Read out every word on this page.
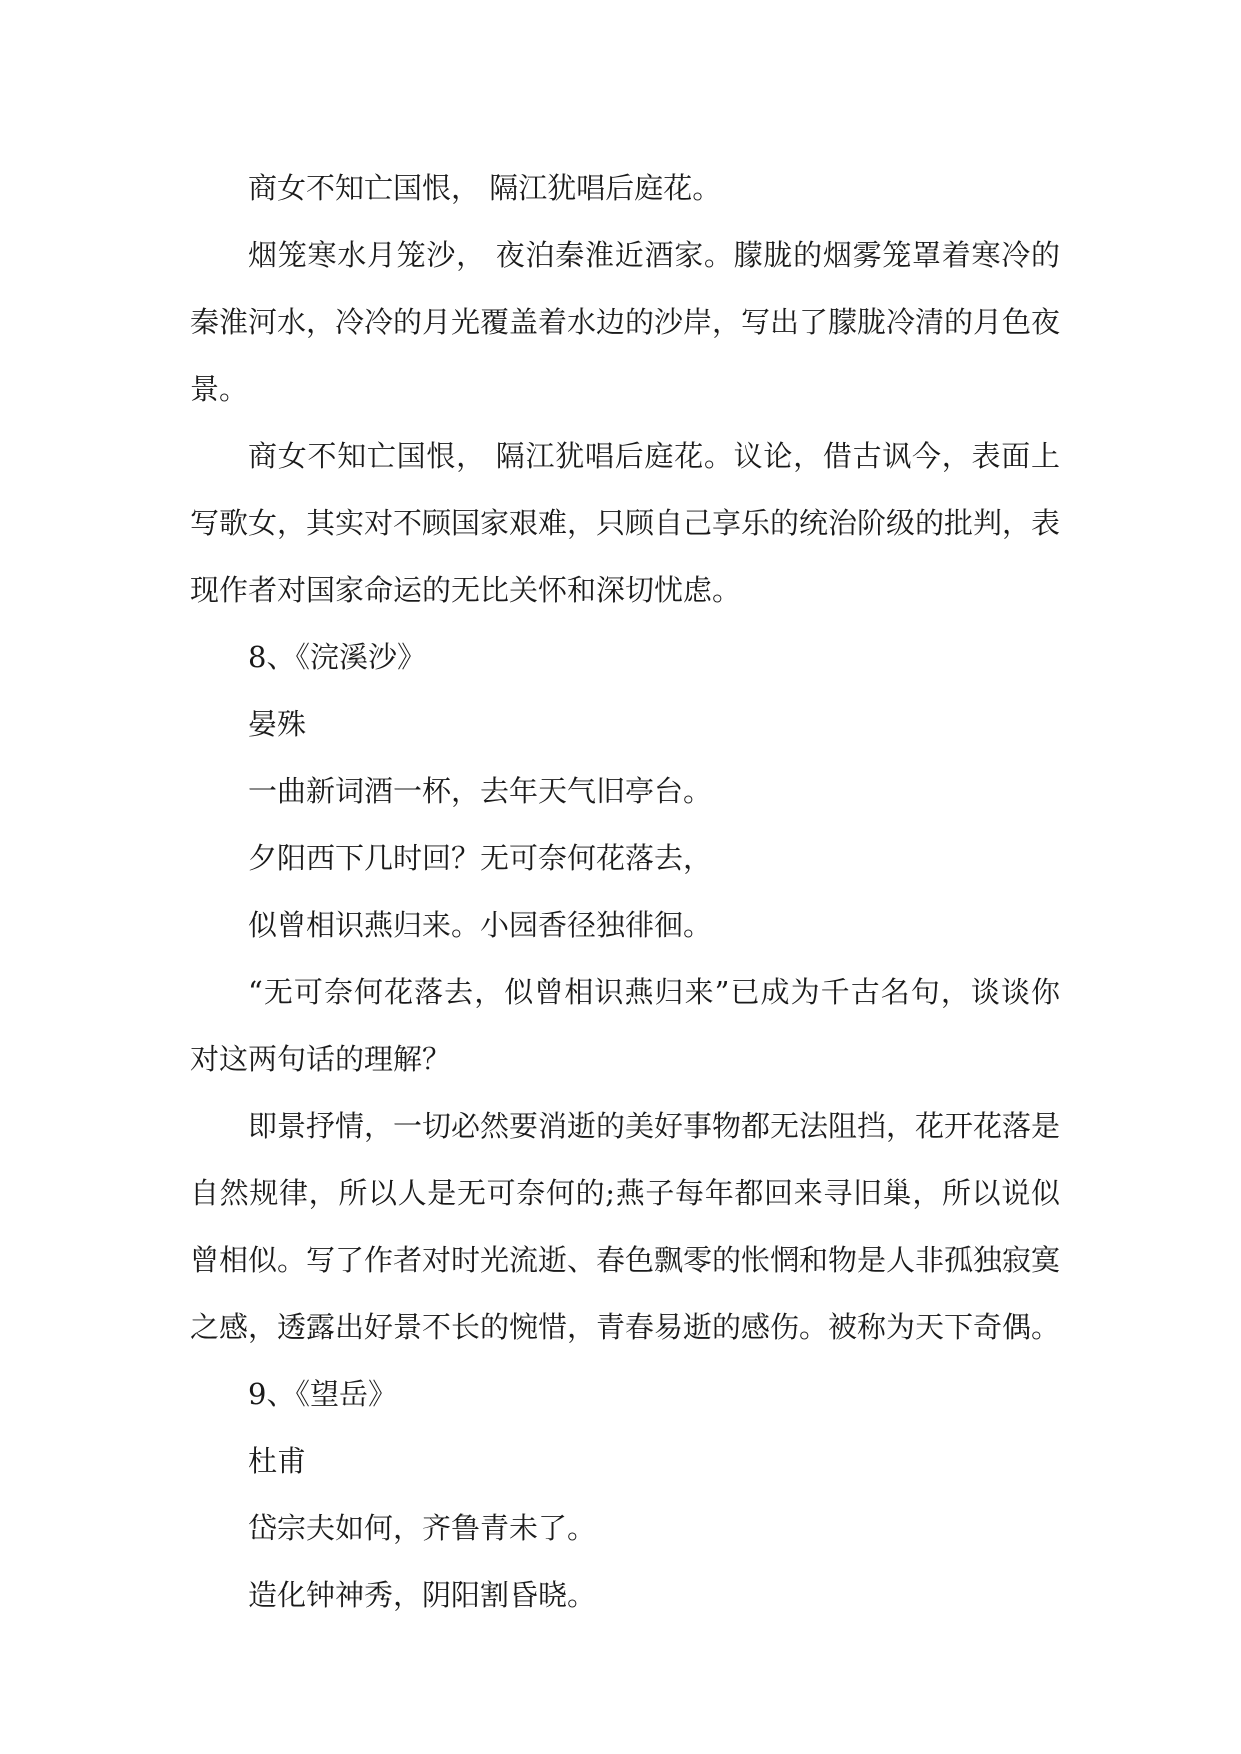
商女不知亡国恨， 隔江犹唱后庭花。

烟笼寒水月笼沙， 夜泊秦淮近酒家。朦胧的烟雾笼罩着寒冷的秦淮河水，冷冷的月光覆盖着水边的沙岸，写出了朦胧冷清的月色夜景。

商女不知亡国恨， 隔江犹唱后庭花。议论，借古讽今，表面上写歌女，其实对不顾国家艰难，只顾自己享乐的统治阶级的批判，表现作者对国家命运的无比关怀和深切忧虑。

8、《浣溪沙》

晏殊

一曲新词酒一杯，去年天气旧亭台。

夕阳西下几时回？无可奈何花落去，

似曾相识燕归来。小园香径独徘徊。

“无可奈何花落去，似曾相识燕归来”已成为千古名句，谈谈你对这两句话的理解？

即景抒情，一切必然要消逝的美好事物都无法阻挡，花开花落是自然规律，所以人是无可奈何的;燕子每年都回来寻旧巢，所以说似曾相似。写了作者对时光流逝、春色飘零的怅惘和物是人非孤独寂寞之感，透露出好景不长的惋惜，青春易逝的感伤。被称为天下奇偶。

9、《望岳》

杜甫

岱宗夫如何，齐鲁青未了。

造化钟神秀，阴阳割昏晓。
